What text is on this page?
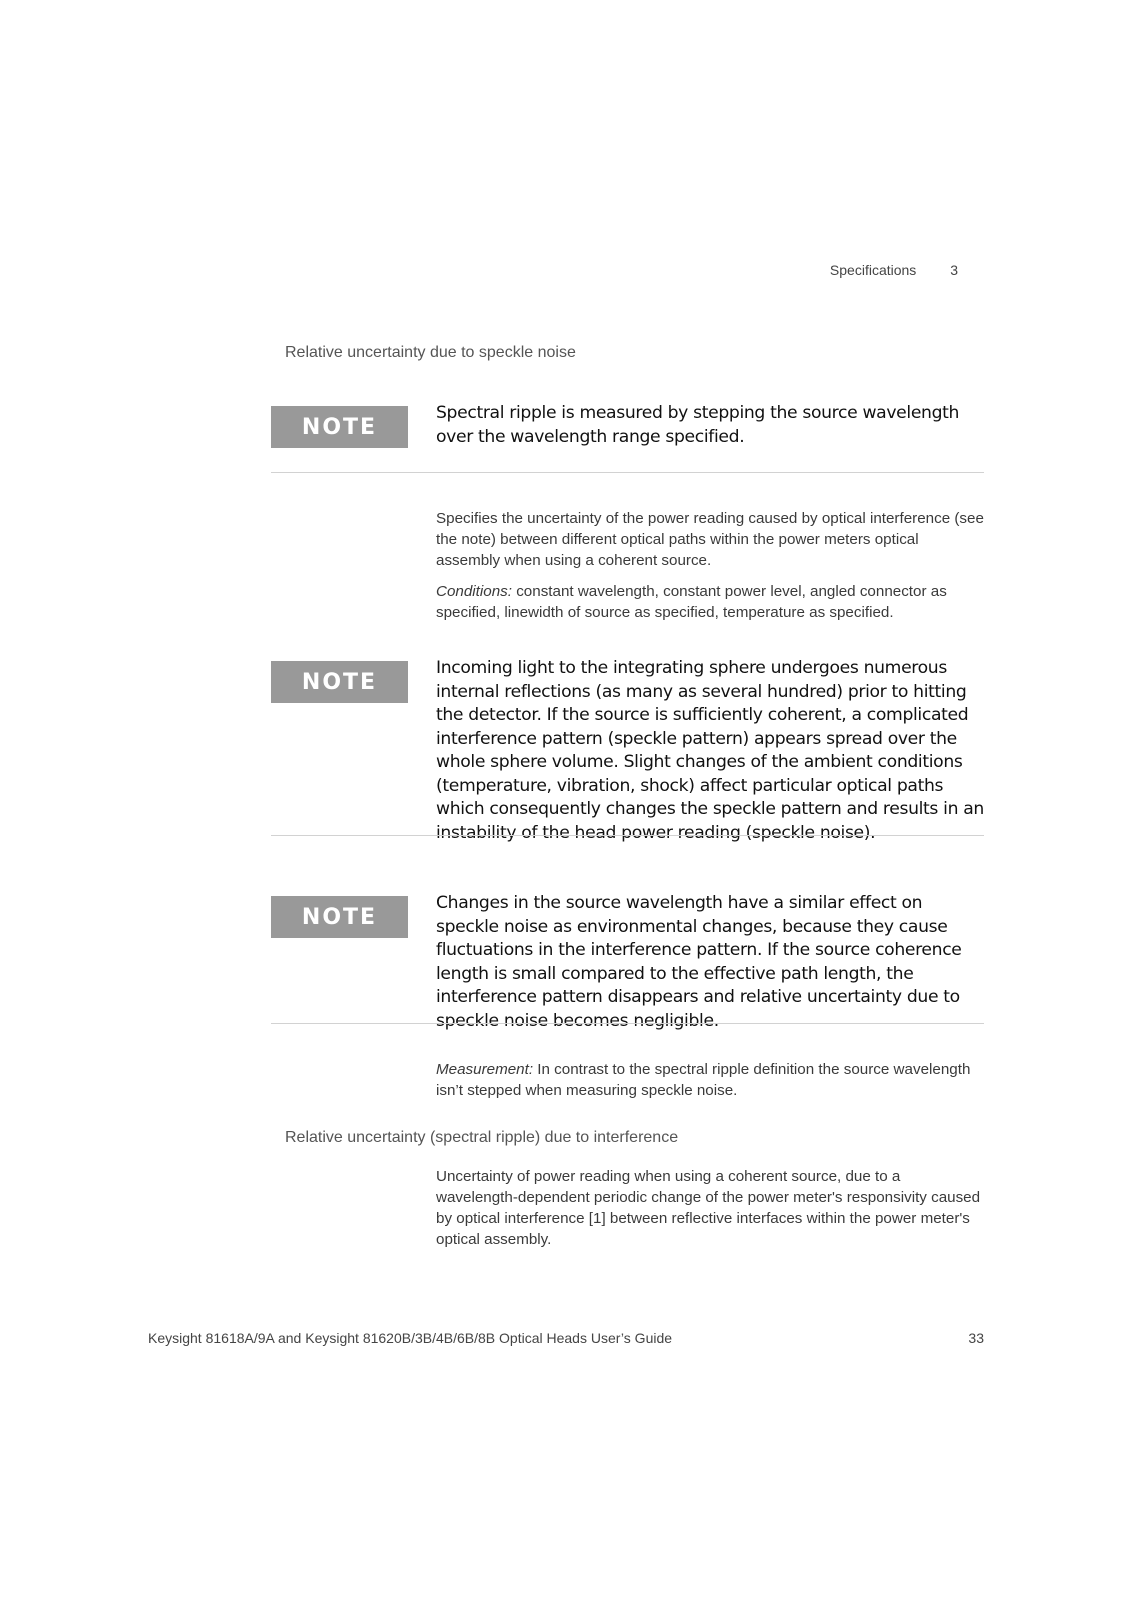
Specifications 3
Relative uncertainty due to speckle noise
NOTE
Spectral ripple is measured by stepping the source wavelength over the wavelength range specified.

Specifies the uncertainty of the power reading caused by optical interference (see the note) between different optical paths within the power meters optical assembly when using a coherent source.

Conditions: constant wavelength, constant power level, angled connector as specified, linewidth of source as specified, temperature as specified.

NOTE
Incoming light to the integrating sphere undergoes numerous internal reflections (as many as several hundred) prior to hitting the detector. If the source is sufficiently coherent, a complicated interference pattern (speckle pattern) appears spread over the whole sphere volume. Slight changes of the ambient conditions (temperature, vibration, shock) affect particular optical paths which consequently changes the speckle pattern and results in an instability of the head power reading (speckle noise).
NOTE
Changes in the source wavelength have a similar effect on speckle noise as environmental changes, because they cause fluctuations in the interference pattern. If the source coherence length is small compared to the effective path length, the interference pattern disappears and relative uncertainty due to speckle noise becomes negligible.

Measurement: In contrast to the spectral ripple definition the source wavelength isn’t stepped when measuring speckle noise.

Relative uncertainty (spectral ripple) due to interference

Uncertainty of power reading when using a coherent source, due to a wavelength-dependent periodic change of the power meter's responsivity caused by optical interference [1] between reflective interfaces within the power meter's optical assembly.

Keysight 81618A/9A and Keysight 81620B/3B/4B/6B/8B Optical Heads User’s Guide	33
